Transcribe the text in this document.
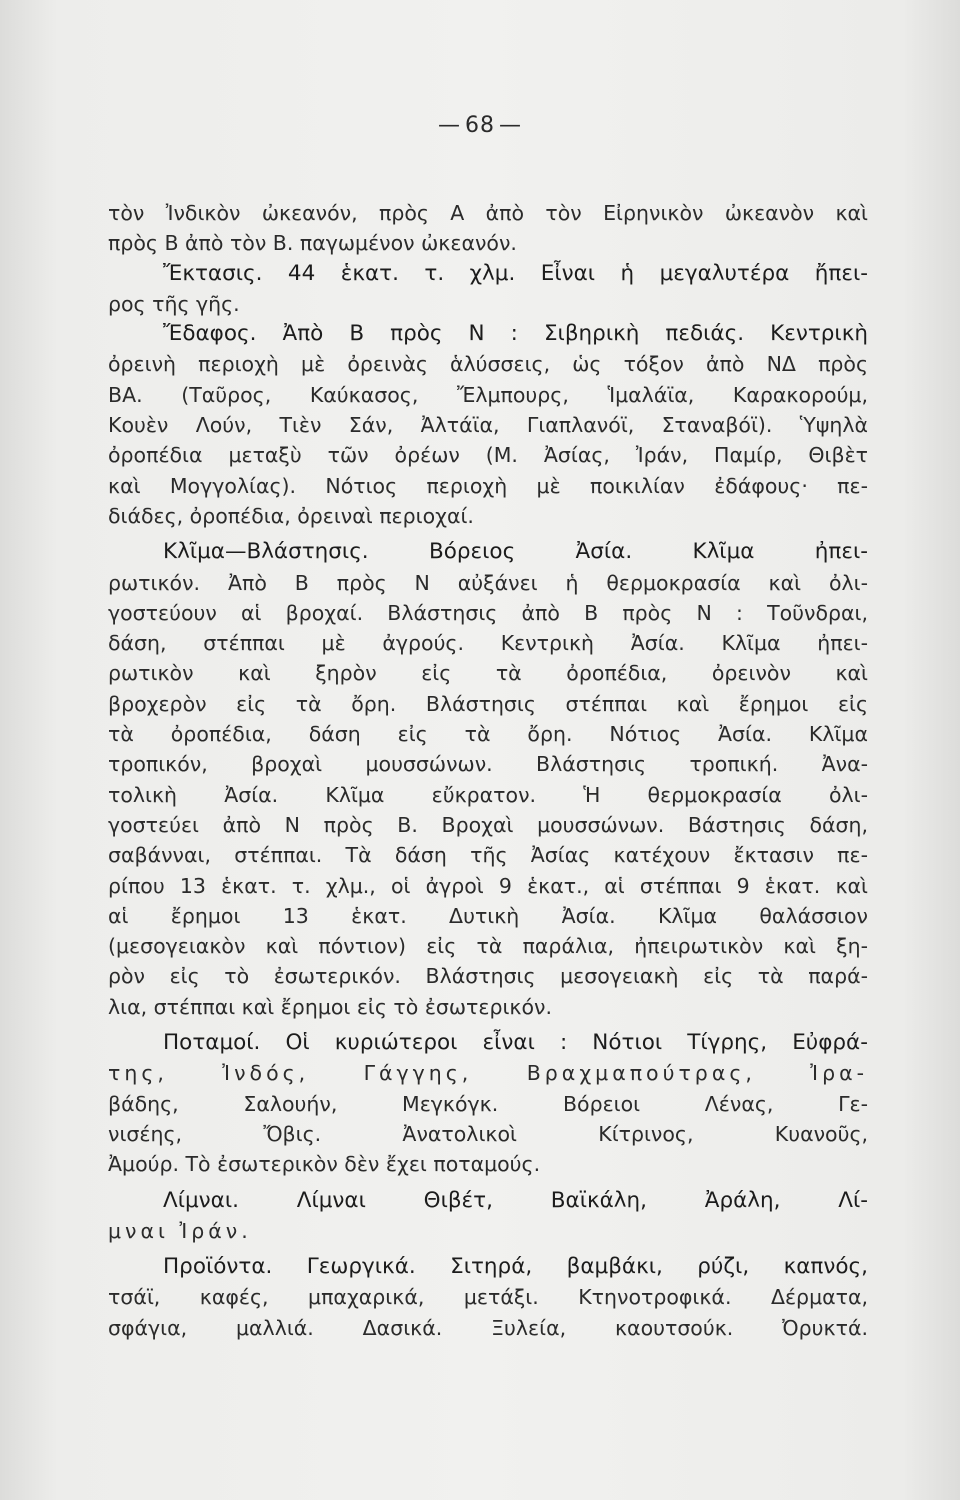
— 68 —
τὸν Ἰνδικὸν ὠκεανόν, πρὸς Α ἀπὸ τὸν Εἰρηνικὸν ὠκεανὸν καὶ
πρὸς Β ἀπὸ τὸν Β. παγωμένον ὠκεανόν.
Ἔκτασις. 44 ἑκατ. τ. χλμ. Εἶναι ἡ μεγαλυτέρα ἤπει-
ρος τῆς γῆς.
Ἔδαφος. Ἀπὸ Β πρὸς Ν : Σιβηρικὴ πεδιάς. Κεντρικὴ
ὀρεινὴ περιοχὴ μὲ ὀρεινὰς ἁλύσσεις, ὡς τόξον ἀπὸ ΝΔ πρὸς
ΒΑ. (Ταῦρος, Καύκασος, Ἔλμπουρς, Ἱμαλάϊα, Καρακορούμ,
Κουὲν Λούν, Τιὲν Σάν, Ἀλτάϊα, Γιαπλανόϊ, Σταναβόϊ). Ὑψηλὰ
ὀροπέδια μεταξὺ τῶν ὀρέων (Μ. Ἀσίας, Ἰράν, Παμίρ, Θιβὲτ
καὶ Μογγολίας). Νότιος περιοχὴ μὲ ποικιλίαν ἐδάφους· πε-
διάδες, ὀροπέδια, ὀρειναὶ περιοχαί.
Κλῖμα—Βλάστησις. Βόρειος Ἀσία. Κλῖμα ἠπει-
ρωτικόν. Ἀπὸ Β πρὸς Ν αὐξάνει ἡ θερμοκρασία καὶ ὀλι-
γοστεύουν αἱ βροχαί. Βλάστησις ἀπὸ Β πρὸς Ν : Τοῦνδραι,
δάση, στέππαι μὲ ἀγρούς. Κεντρικὴ Ἀσία. Κλῖμα ἠπει-
ρωτικὸν καὶ ξηρὸν εἰς τὰ ὀροπέδια, ὀρεινὸν καὶ
βροχερὸν εἰς τὰ ὄρη. Βλάστησις στέππαι καὶ ἔρημοι εἰς
τὰ ὀροπέδια, δάση εἰς τὰ ὄρη. Νότιος Ἀσία. Κλῖμα
τροπικόν, βροχαὶ μουσσώνων. Βλάστησις τροπική. Ἀνα-
τολικὴ Ἀσία. Κλῖμα εὔκρατον. Ἡ θερμοκρασία ὀλι-
γοστεύει ἀπὸ Ν πρὸς Β. Βροχαὶ μουσσώνων. Βάστησις δάση,
σαβάνναι, στέππαι. Τὰ δάση τῆς Ἀσίας κατέχουν ἔκτασιν πε-
ρίπου 13 ἑκατ. τ. χλμ., οἱ ἀγροὶ 9 ἑκατ., αἱ στέππαι 9 ἑκατ. καὶ
αἱ ἔρημοι 13 ἑκατ. Δυτικὴ Ἀσία. Κλῖμα θαλάσσιον
(μεσογειακὸν καὶ πόντιον) εἰς τὰ παράλια, ἠπειρωτικὸν καὶ ξη-
ρὸν εἰς τὸ ἐσωτερικόν. Βλάστησις μεσογειακὴ εἰς τὰ παρά-
λια, στέππαι καὶ ἔρημοι εἰς τὸ ἐσωτερικόν.
Ποταμοί. Οἱ κυριώτεροι εἶναι : Νότιοι Τίγρης, Εὐφρά-
της, Ἰνδός, Γάγγης, Βραχμαπούτρας, Ἰρα-
βάδης, Σαλουήν, Μεγκόγκ. Βόρειοι Λένας, Γε-
νισέης, Ὄβις. Ἀνατολικοὶ Κίτρινος, Κυανοῦς,
Ἀμούρ. Τὸ ἐσωτερικὸν δὲν ἔχει ποταμούς.
Λίμναι. Λίμναι Θιβέτ, Βαϊκάλη, Ἀράλη, Λί-
μναι Ἰράν.
Προϊόντα. Γεωργικά. Σιτηρά, βαμβάκι, ρύζι, καπνός,
τσάϊ, καφές, μπαχαρικά, μετάξι. Κτηνοτροφικά. Δέρματα,
σφάγια, μαλλιά. Δασικά. Ξυλεία, καουτσούκ. Ὀρυκτά.
